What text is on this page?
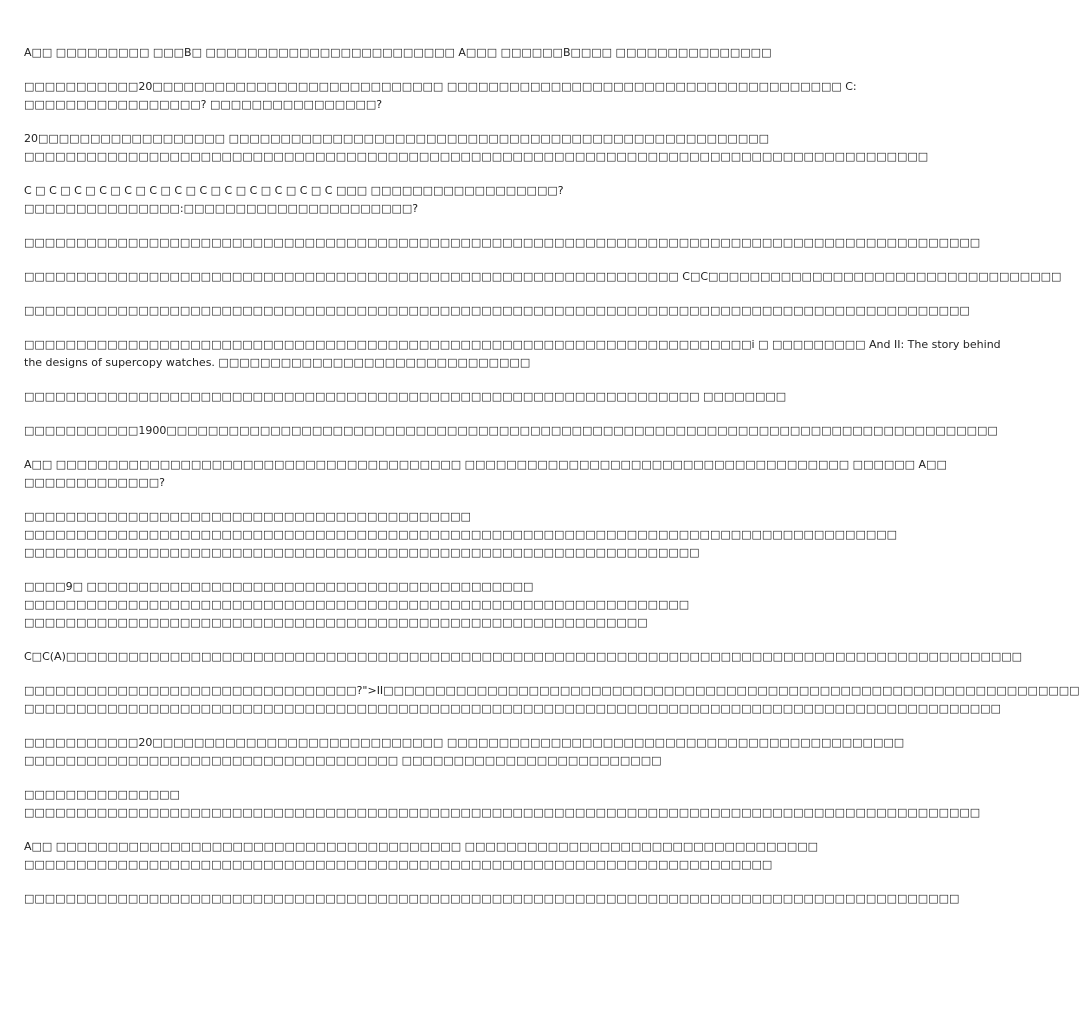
A□□ □□□□□□□□□ □□□B□ □□□□□□□□□□□□□□□□□□□□□□□□ A□□□ □□□□□□B□□□□ □□□□□□□□□□□□□□□

□□□□□□□□□□□20□□□□□□□□□□□□□□□□□□□□□□□□□□□□ □□□□□□□□□□□□□□□□□□□□□□□□□□□□□□□□□□□□□□ C:
□□□□□□□□□□□□□□□□□? □□□□□□□□□□□□□□□□?

20□□□□□□□□□□□□□□□□□□ □□□□□□□□□□□□□□□□□□□□□□□□□□□□□□□□□□□□□□□□□□□□□□□□□□□□
□□□□□□□□□□□□□□□□□□□□□□□□□□□□□□□□□□□□□□□□□□□□□□□□□□□□□□□□□□□□□□□□□□□□□□□□□□□□□□□□□□□□□□□

C □ C □ C □ C □ C □ C □ C □ C □ C □ C □ C □ C □ C □□□ □□□□□□□□□□□□□□□□□□?
□□□□□□□□□□□□□□□:□□□□□□□□□□□□□□□□□□□□□□?

□□□□□□□□□□□□□□□□□□□□□□□□□□□□□□□□□□□□□□□□□□□□□□□□□□□□□□□□□□□□□□□□□□□□□□□□□□□□□□□□□□□□□□□□□□□□

□□□□□□□□□□□□□□□□□□□□□□□□□□□□□□□□□□□□□□□□□□□□□□□□□□□□□□□□□□□□□□□ C□C□□□□□□□□□□□□□□□□□□□□□□□□□□□□□□□□□□

□□□□□□□□□□□□□□□□□□□□□□□□□□□□□□□□□□□□□□□□□□□□□□□□□□□□□□□□□□□□□□□□□□□□□□□□□□□□□□□□□□□□□□□□□□□

□□□□□□□□□□□□□□□□□□□□□□□□□□□□□□□□□□□□□□□□□□□□□□□□□□□□□□□□□□□□□□□□□□□□□□i □ □□□□□□□□□ And II: The story behind
the designs of supercopy watches. □□□□□□□□□□□□□□□□□□□□□□□□□□□□□□

□□□□□□□□□□□□□□□□□□□□□□□□□□□□□□□□□□□□□□□□□□□□□□□□□□□□□□□□□□□□□□□□□ □□□□□□□□

□□□□□□□□□□□1900□□□□□□□□□□□□□□□□□□□□□□□□□□□□□□□□□□□□□□□□□□□□□□□□□□□□□□□□□□□□□□□□□□□□□□□□□□□□□□□□

A□□ □□□□□□□□□□□□□□□□□□□□□□□□□□□□□□□□□□□□□□□ □□□□□□□□□□□□□□□□□□□□□□□□□□□□□□□□□□□□□ □□□□□□ A□□
□□□□□□□□□□□□□?

□□□□□□□□□□□□□□□□□□□□□□□□□□□□□□□□□□□□□□□□□□□
□□□□□□□□□□□□□□□□□□□□□□□□□□□□□□□□□□□□□□□□□□□□□□□□□□□□□□□□□□□□□□□□□□□□□□□□□□□□□□□□□□□□
□□□□□□□□□□□□□□□□□□□□□□□□□□□□□□□□□□□□□□□□□□□□□□□□□□□□□□□□□□□□□□□□□

□□□□9□ □□□□□□□□□□□□□□□□□□□□□□□□□□□□□□□□□□□□□□□□□□□
□□□□□□□□□□□□□□□□□□□□□□□□□□□□□□□□□□□□□□□□□□□□□□□□□□□□□□□□□□□□□□□□
□□□□□□□□□□□□□□□□□□□□□□□□□□□□□□□□□□□□□□□□□□□□□□□□□□□□□□□□□□□□

C□C(A)□□□□□□□□□□□□□□□□□□□□□□□□□□□□□□□□□□□□□□□□□□□□□□□□□□□□□□□□□□□□□□□□□□□□□□□□□□□□□□□□□□□□□□□□□□□□

□□□□□□□□□□□□□□□□□□□□□□□□□□□□□□□□?">II□□□□□□□□□□□□□□□□□□□□□□□□□□□□□□□□□□□□□□□□□□□□□□□□□□□□□□□□□□□□□□□□□□□
□□□□□□□□□□□□□□□□□□□□□□□□□□□□□□□□□□□□□□□□□□□□□□□□□□□□□□□□□□□□□□□□□□□□□□□□□□□□□□□□□□□□□□□□□□□□□□

□□□□□□□□□□□20□□□□□□□□□□□□□□□□□□□□□□□□□□□□ □□□□□□□□□□□□□□□□□□□□□□□□□□□□□□□□□□□□□□□□□□□□
□□□□□□□□□□□□□□□□□□□□□□□□□□□□□□□□□□□□ □□□□□□□□□□□□□□□□□□□□□□□□□

□□□□□□□□□□□□□□□
□□□□□□□□□□□□□□□□□□□□□□□□□□□□□□□□□□□□□□□□□□□□□□□□□□□□□□□□□□□□□□□□□□□□□□□□□□□□□□□□□□□□□□□□□□□□

A□□ □□□□□□□□□□□□□□□□□□□□□□□□□□□□□□□□□□□□□□□ □□□□□□□□□□□□□□□□□□□□□□□□□□□□□□□□□□
□□□□□□□□□□□□□□□□□□□□□□□□□□□□□□□□□□□□□□□□□□□□□□□□□□□□□□□□□□□□□□□□□□□□□□□□

□□□□□□□□□□□□□□□□□□□□□□□□□□□□□□□□□□□□□□□□□□□□□□□□□□□□□□□□□□□□□□□□□□□□□□□□□□□□□□□□□□□□□□□□□□
